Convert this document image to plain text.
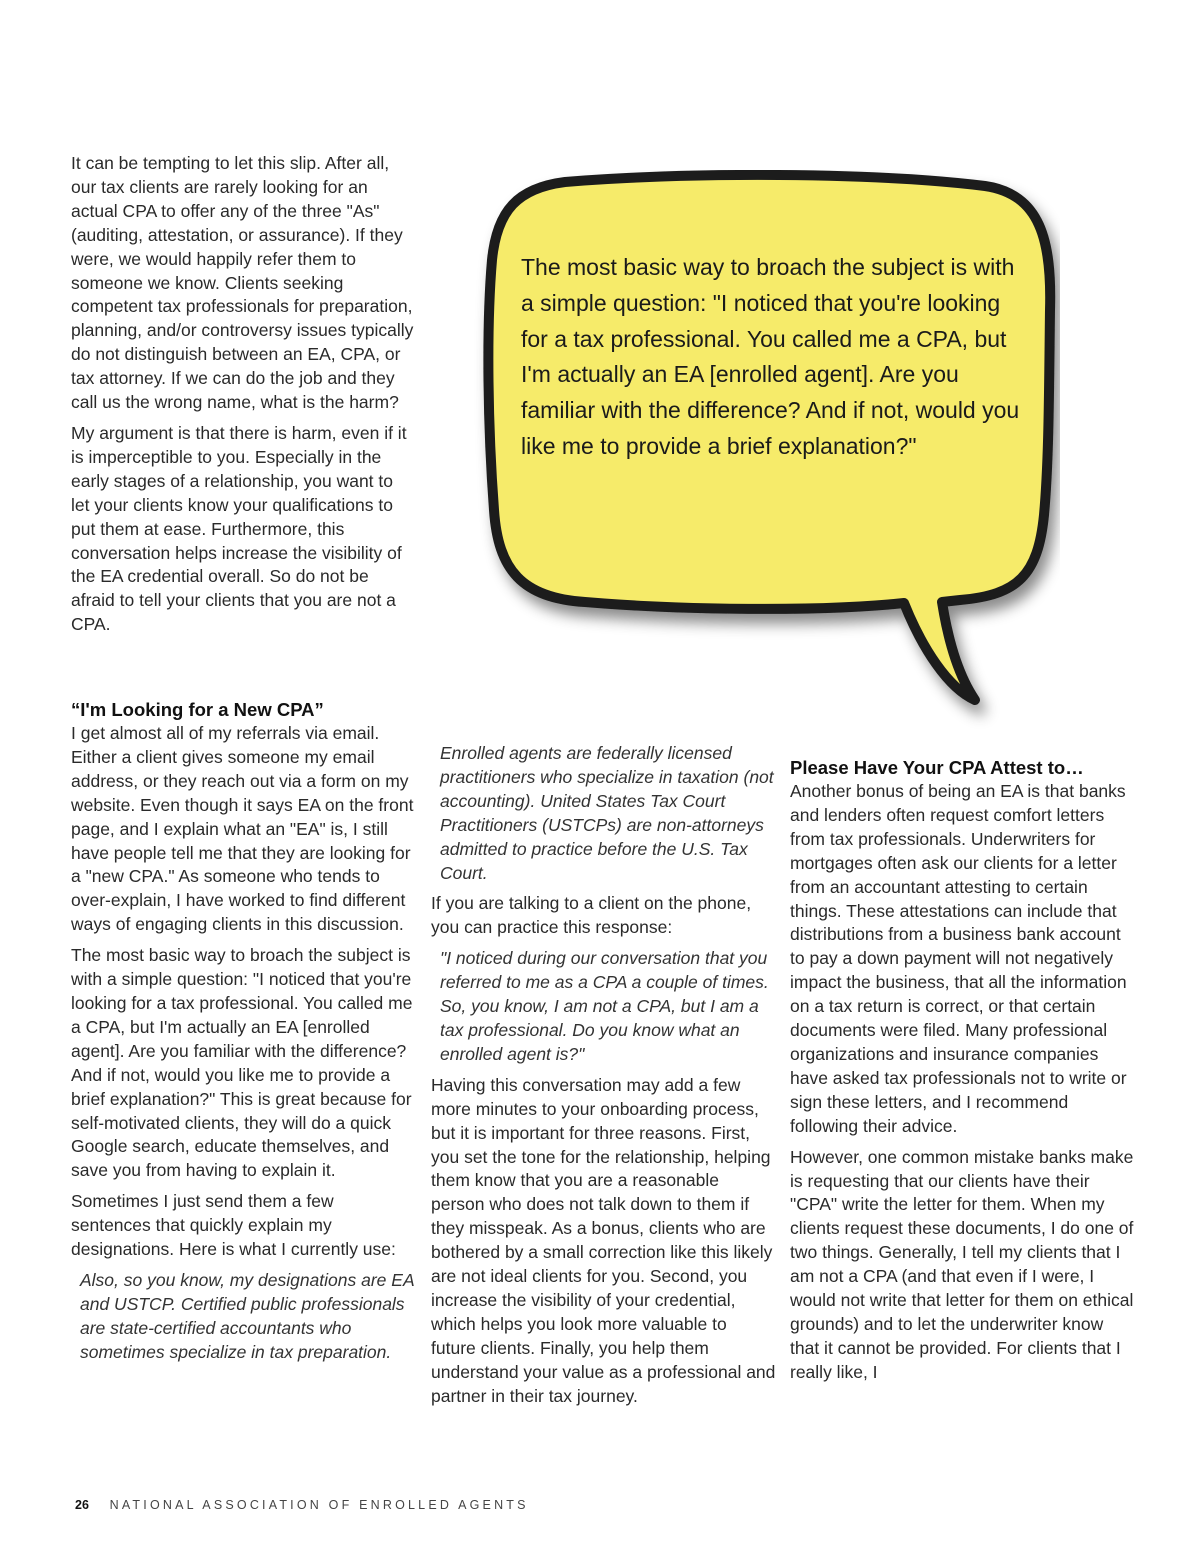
It can be tempting to let this slip. After all, our tax clients are rarely looking for an actual CPA to offer any of the three "As" (auditing, attestation, or assurance). If they were, we would happily refer them to someone we know. Clients seeking competent tax professionals for preparation, planning, and/or controversy issues typically do not distinguish between an EA, CPA, or tax attorney. If we can do the job and they call us the wrong name, what is the harm?

My argument is that there is harm, even if it is imperceptible to you. Especially in the early stages of a relationship, you want to let your clients know your qualifications to put them at ease. Furthermore, this conversation helps increase the visibility of the EA credential overall. So do not be afraid to tell your clients that you are not a CPA.

The most basic way to broach the subject is with a simple question: "I noticed that you're looking for a tax professional. You called me a CPA, but I'm actually an EA [enrolled agent]. Are you familiar with the difference? And if not, would you like me to provide a brief explanation?"
“I'm Looking for a New CPA”

I get almost all of my referrals via email. Either a client gives someone my email address, or they reach out via a form on my website. Even though it says EA on the front page, and I explain what an "EA" is, I still have people tell me that they are looking for a "new CPA." As someone who tends to over-explain, I have worked to find different ways of engaging clients in this discussion.

The most basic way to broach the subject is with a simple question: "I noticed that you're looking for a tax professional. You called me a CPA, but I'm actually an EA [enrolled agent]. Are you familiar with the difference? And if not, would you like me to provide a brief explanation?" This is great because for self-motivated clients, they will do a quick Google search, educate themselves, and save you from having to explain it.

Sometimes I just send them a few sentences that quickly explain my designations. Here is what I currently use:

Also, so you know, my designations are EA and USTCP. Certified public professionals are state-certified accountants who sometimes specialize in tax preparation.

Enrolled agents are federally licensed practitioners who specialize in taxation (not accounting). United States Tax Court Practitioners (USTCPs) are non-attorneys admitted to practice before the U.S. Tax Court.

If you are talking to a client on the phone, you can practice this response:

"I noticed during our conversation that you referred to me as a CPA a couple of times. So, you know, I am not a CPA, but I am a tax professional. Do you know what an enrolled agent is?"

Having this conversation may add a few more minutes to your onboarding process, but it is important for three reasons. First, you set the tone for the relationship, helping them know that you are a reasonable person who does not talk down to them if they misspeak. As a bonus, clients who are bothered by a small correction like this likely are not ideal clients for you. Second, you increase the visibility of your credential, which helps you look more valuable to future clients. Finally, you help them understand your value as a professional and partner in their tax journey.

Please Have Your CPA Attest to…

Another bonus of being an EA is that banks and lenders often request comfort letters from tax professionals. Underwriters for mortgages often ask our clients for a letter from an accountant attesting to certain things. These attestations can include that distributions from a business bank account to pay a down payment will not negatively impact the business, that all the information on a tax return is correct, or that certain documents were filed. Many professional organizations and insurance companies have asked tax professionals not to write or sign these letters, and I recommend following their advice.

However, one common mistake banks make is requesting that our clients have their "CPA" write the letter for them. When my clients request these documents, I do one of two things. Generally, I tell my clients that I am not a CPA (and that even if I were, I would not write that letter for them on ethical grounds) and to let the underwriter know that it cannot be provided. For clients that I really like, I

26 NATIONAL ASSOCIATION OF ENROLLED AGENTS
